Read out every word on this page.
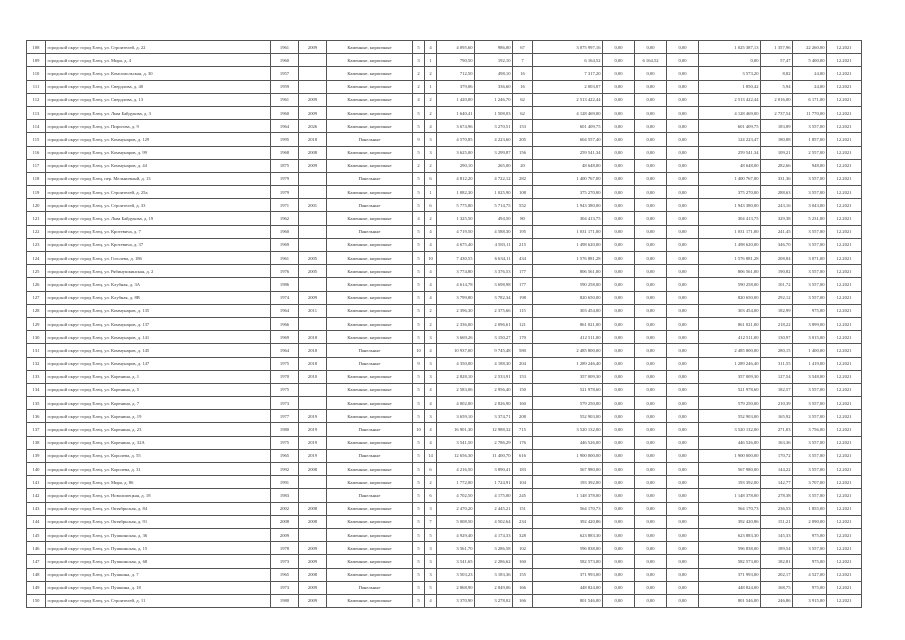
108	городской округ город Елец, ул. Строителей, д. 22	1961	2009	Каменные, кирпичные	5	4	4 095,60	986,00	67	3 075 997,16	0,00	0,00	0,00	1 025 387,13	1 357,96	22 260,00	12.2021
109	городской округ город Елец, ул. Мира, д. 4	1960		Каменные, кирпичные	3	1	790,50	192,10	7	6 164,52	0,00	6 164,52	0,00	0,00	57,47	5 400,00	12.2021
110	городской округ город Елец, ул. Комсомольская, д. 30	1957		Каменные, кирпичные	2	2	712,50	498,10	16	7 317,20	0,00	0,00	0,00	3 573,20	8,82	24,00	12.2021
111	городской округ город Елец, ул. Свердлова, д. 40	1959		Каменные, кирпичные	2	1	379,06	336,60	16	2 003,07	0,00	0,00	0,00	1 850,42	5,94	24,00	12.2021
112	городской округ город Елец, ул. Свердлова, д. 13	1961	2009	Каменные, кирпичные	4	2	1 420,00	1 246,70	62	2 513 422,44	0,00	0,00	0,00	2 513 422,44	2 016,00	6 171,00	12.2021
113	городской округ город Елец, ул. Льва Байдукова, д. 3	1960	2009	Каменные, кирпичные	5	2	1 640,41	1 508,03	62	4 128 469,00	0,00	0,00	0,00	4 128 469,00	2 737,54	11 770,00	12.2021
114	городской округ город Елец, ул. Пирогова, д. 9	1964	2026	Каменные, кирпичные	5	4	3 674,96	3 270,51	153	601 409,75	0,00	0,00	0,00	601 409,75	183,89	3 557,00	12.2021
115	городской округ город Елец, ул. Коммунаров, д. 129	1995	2018	Панельные	9	3	4 570,85	4 223,60	205	604 557,40	0,00	0,00	0,00	124 223,47	180,88	1 857,00	12.2021
116	городской округ город Елец, ул. Коммунаров, д. 99	1968	2008	Каменные, кирпичные	5	3	3 625,00	3 299,87	156	259 541,34	0,00	0,00	0,00	259 541,34	109,21	2 557,00	12.2021
117	городской округ город Елец, ул. Коммунаров, д. 44	1875	2009	Каменные, кирпичные	2	2	290,10	265,00	20	48 648,00	0,00	0,00	0,00	48 648,00	282,66	948,00	12.2021
118	городской округ город Елец, пер. Мельничный, д. 13	1979		Панельные	5	6	4 812,20	4 722,12	282	1 400 767,00	0,00	0,00	0,00	1 400 767,00	331,36	3 557,00	12.2021
119	городской округ город Елец, ул. Строителей, д. 25а	1979		Каменные, кирпичные	5	1	1 082,30	1 025,90	108	375 270,00	0,00	0,00	0,00	375 270,00	288,63	3 557,00	12.2021
120	городской округ город Елец, ул. Строителей, д. 33	1971	2001	Панельные	5	6	5 775,80	5 714,75	552	1 943 380,00	0,00	0,00	0,00	1 943 380,00	243,16	3 043,00	12.2021
121	городской округ город Елец, ул. Льва Байдукова, д. 19	1962		Каменные, кирпичные	4	2	1 325,50	494,50	80	304 413,75	0,00	0,00	0,00	304 413,75	329,38	5 231,00	12.2021
122	городской округ город Елец, ул. Кротевича, д. 7	1960		Панельные	5	4	4 719,50	4 588,30	195	1 031 171,00	0,00	0,00	0,00	1 031 171,00	241,45	3 557,00	12.2021
123	городской округ город Елец, ул. Кротевича, д. 37	1969		Каменные, кирпичные	5	4	4 675,40	4 583,11	215	1 498 620,00	0,00	0,00	0,00	1 498 620,00	346,70	3 557,00	12.2021
124	городской округ город Елец, ул. Гоголева, д. 186	1961	2005	Каменные, кирпичные	5	10	7 430,55	6 634,11	434	1 576 881,28	0,00	0,00	0,00	1 576 881,28	208,84	3 071,00	12.2021
125	городской округ город Елец, ул. Рябинушкинская, д. 2	1976	2005	Каменные, кирпичные	5	4	3 774,80	3 376,53	177	806 561,00	0,00	0,00	0,00	806 561,00	190,82	3 557,00	12.2021
126	городской округ город Елец, ул. Клубная, д. 3А	1986		Каменные, кирпичные	5	4	4 614,78	3 698,98	177	590 258,00	0,00	0,00	0,00	590 258,00	101,72	3 557,00	12.2021
127	городской округ город Елец, ул. Клубная, д. 8В	1974	2009	Каменные, кирпичные	5	4	3 799,80	3 782,34	198	820 650,00	0,00	0,00	0,00	820 650,00	292,12	3 557,00	12.2021
128	городской округ город Елец, ул. Коммунаров, д. 135	1964	2011	Каменные, кирпичные	5	2	2 396,30	2 375,66	115	303 454,00	0,00	0,00	0,00	303 454,00	182,99	975,00	12.2021
129	городской округ город Елец, ул. Коммунаров, д. 137	1966		Каменные, кирпичные	5	2	2 336,00	2 096,61	121	861 021,00	0,00	0,00	0,00	861 021,00	218,22	3 899,00	12.2021
130	городской округ город Елец, ул. Коммунаров, д. 141	1969	2018	Каменные, кирпичные	5	3	3 669,26	3 150,27	170	412 511,00	0,00	0,00	0,00	412 511,00	130,97	3 015,00	12.2021
131	городской округ город Елец, ул. Коммунаров, д. 145	1964	2018	Панельные	10	4	10 937,00	9 745,48	580	2 485 800,00	0,00	0,00	0,00	2 485 800,00	280,15	1 400,00	12.2021
132	городской округ город Елец, ул. Коммунаров, д. 147	1975	2018	Панельные	9	3	4 350,00	4 188,30	204	1 289 246,40	0,00	0,00	0,00	1 289 246,40	311,55	1 419,00	12.2021
133	городской округ город Елец, ул. Коренина, д. 1	1970	2010	Каменные, кирпичные	5	3	2 828,10	2 533,91	153	357 009,30	0,00	0,00	0,00	357 009,30	127,54	3 548,00	12.2021
134	городской округ город Елец, ул. Коренина, д. 5	1975		Каменные, кирпичные	5	4	2 583,06	2 956,40	150	521 978,60	0,00	0,00	0,00	521 978,60	182,57	3 557,00	12.2021
135	городской округ город Елец, ул. Коренина, д. 7	1973		Каменные, кирпичные	5	4	4 002,00	2 826,90	160	579 250,00	0,00	0,00	0,00	579 250,00	210,39	3 557,00	12.2021
136	городской округ город Елец, ул. Коренина, д. 19	1977	2019	Каменные, кирпичные	5	3	3 659,10	3 374,71	208	552 903,00	0,00	0,00	0,00	552 903,00	165,92	3 557,00	12.2021
137	городской округ город Елец, ул. Коренина, д. 23	1980	2019	Панельные	10	4	16 901,30	12 988,32	715	3 520 132,00	0,00	0,00	0,00	3 520 132,00	271,03	3 756,00	12.2021
138	городской округ город Елец, ул. Коренина, д. 32А	1975	2019	Каменные, кирпичные	5	4	3 541,50	2 786,29	176	446 526,00	0,00	0,00	0,00	446 526,00	163,36	3 557,00	12.2021
139	городской округ город Елец, ул. Королева, д. 55	1965	2019	Панельные	5	14	12 656,30	11 400,70	616	1 900 000,00	0,00	0,00	0,00	1 900 000,00	170,72	3 557,00	12.2021
140	городской округ город Елец, ул. Королева, д. 31	1992	2008	Каменные, кирпичные	5	6	4 216,50	3 890,41	183	567 980,00	0,00	0,00	0,00	567 980,00	144,22	3 557,00	12.2021
141	городской округ город Елец, ул. Мира, д. 86	1991		Каменные, кирпичные	5	2	1 772,00	1 724,91	104	193 392,00	0,00	0,00	0,00	193 392,00	142,77	3 707,00	12.2021
142	городской округ город Елец, ул. Новолипецкая, д. 18	1983		Панельные	5	6	4 702,50	4 175,00	245	1 148 378,00	0,00	0,00	0,00	1 148 378,00	278,38	3 557,00	12.2021
143	городской округ город Елец, ул. Октябрьская, д. 84	2002	2008	Каменные, кирпичные	5	3	2 470,20	2 445,21	151	564 170,73	0,00	0,00	0,00	564 170,73	236,53	1 855,00	12.2021
144	городской округ город Елец, ул. Октябрьская, д. 91	2008	2008	Каменные, кирпичные	5	7	5 008,50	4 502,64	234	392 420,86	0,00	0,00	0,00	392 420,86	151,21	2 090,00	12.2021
145	городской округ город Елец, ул. Пушкинская, д. 36	2009		Каменные, кирпичные	5	5	4 929,40	4 174,33	328	623 883,30	0,00	0,00	0,00	623 883,30	145,33	975,00	12.2021
146	городской округ город Елец, ул. Пушкинская, д. 15	1978	2009	Каменные, кирпичные	5	3	3 561,70	3 286,58	102	596 838,00	0,00	0,00	0,00	596 838,00	189,54	3 557,00	12.2021
147	городской округ город Елец, ул. Пушкинская, д. 68	1973	2009	Каменные, кирпичные	5	3	3 541,65	2 286,62	160	582 573,00	0,00	0,00	0,00	582 573,00	182,81	975,00	12.2021
148	городской округ город Елец, ул. Пушкина, д. 7	1965	2008	Каменные, кирпичные	5	3	3 503,23	3 183,36	155	371 993,00	0,00	0,00	0,00	371 993,00	202,17	4 527,00	12.2021
149	городской округ город Елец, ул. Пушкина, д. 18	1973	2009	Панельные	5	5	2 868,90	2 849,06	166	448 824,00	0,00	0,00	0,00	448 824,00	168,75	975,00	12.2021
150	городской округ город Елец, ул. Строителей, д. 11	1980	2009	Каменные, кирпичные	5	4	3 370,90	3 278,02	166	801 546,00	0,00	0,00	0,00	801 546,00	246,86	3 915,00	12.2021
